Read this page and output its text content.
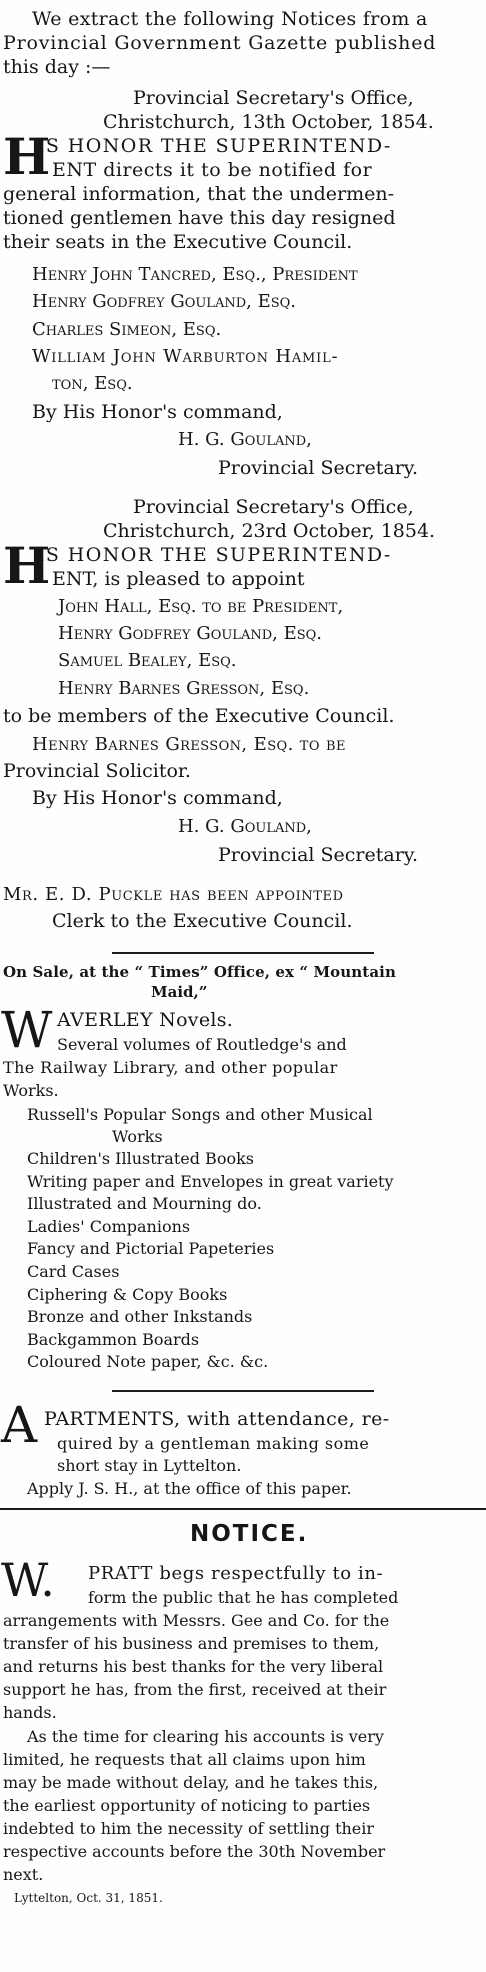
We extract the following Notices from a
Provincial Government Gazette published
this day :—
Provincial Secretary's Office,
Christchurch, 13th October, 1854.
H
IS HONOR THE SUPERINTEND-
ENT directs it to be notified for
general information, that the undermen-
tioned gentlemen have this day resigned
their seats in the Executive Council.
Henry John Tancred, Esq., President
Henry Godfrey Gouland, Esq.
Charles Simeon, Esq.
William John Warburton Hamil-
ton, Esq.
By His Honor's command,
H. G. Gouland,
Provincial Secretary.
Provincial Secretary's Office,
Christchurch, 23rd October, 1854.
H
IS HONOR THE SUPERINTEND-
ENT, is pleased to appoint
John Hall, Esq. to be President,
Henry Godfrey Gouland, Esq.
Samuel Bealey, Esq.
Henry Barnes Gresson, Esq.
to be members of the Executive Council.
Henry Barnes Gresson, Esq. to be
Provincial Solicitor.
By His Honor's command,
H. G. Gouland,
Provincial Secretary.
Mr. E. D. Puckle has been appointed
Clerk to the Executive Council.
On Sale, at the “ Times” Office, ex “ Mountain
Maid,”
W AVERLEY Novels.
Several volumes of Routledge's and
The Railway Library, and other popular
Works.
Russell's Popular Songs and other Musical
Works
Children's Illustrated Books
Writing paper and Envelopes in great variety
Illustrated and Mourning do.
Ladies' Companions
Fancy and Pictorial Papeteries
Card Cases
Ciphering & Copy Books
Bronze and other Inkstands
Backgammon Boards
Coloured Note paper, &c. &c.
A PARTMENTS, with attendance, re-
quired by a gentleman making some
short stay in Lyttelton.
Apply J. S. H., at the office of this paper.
NOTICE.
W. PRATT begs respectfully to in-
form the public that he has completed
arrangements with Messrs. Gee and Co. for the
transfer of his business and premises to them,
and returns his best thanks for the very liberal
support he has, from the first, received at their
hands.
As the time for clearing his accounts is very
limited, he requests that all claims upon him
may be made without delay, and he takes this,
the earliest opportunity of noticing to parties
indebted to him the necessity of settling their
respective accounts before the 30th November
next.
Lyttelton, Oct. 31, 1851.
